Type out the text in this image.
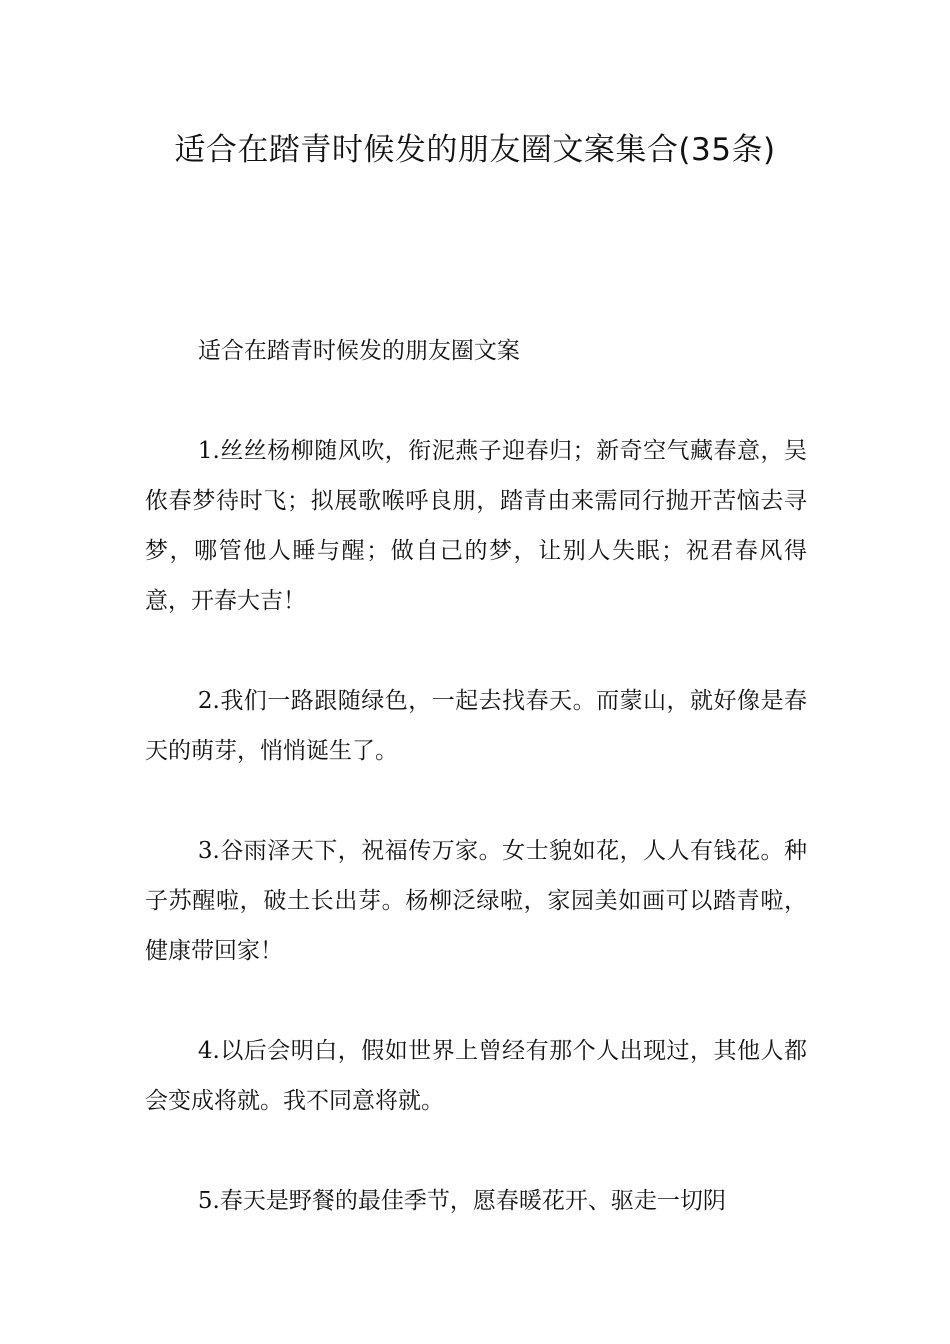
适合在踏青时候发的朋友圈文案集合(35条)

适合在踏青时候发的朋友圈文案

1.丝丝杨柳随风吹，衔泥燕子迎春归；新奇空气藏春意，吴侬春梦待时飞；拟展歌喉呼良朋，踏青由来需同行抛开苦恼去寻梦，哪管他人睡与醒；做自己的梦，让别人失眠；祝君春风得意，开春大吉！

2.我们一路跟随绿色，一起去找春天。而蒙山，就好像是春天的萌芽，悄悄诞生了。

3.谷雨泽天下，祝福传万家。女士貌如花，人人有钱花。种子苏醒啦，破土长出芽。杨柳泛绿啦，家园美如画可以踏青啦，健康带回家！

4.以后会明白，假如世界上曾经有那个人出现过，其他人都会变成将就。我不同意将就。

5.春天是野餐的最佳季节，愿春暖花开、驱走一切阴
